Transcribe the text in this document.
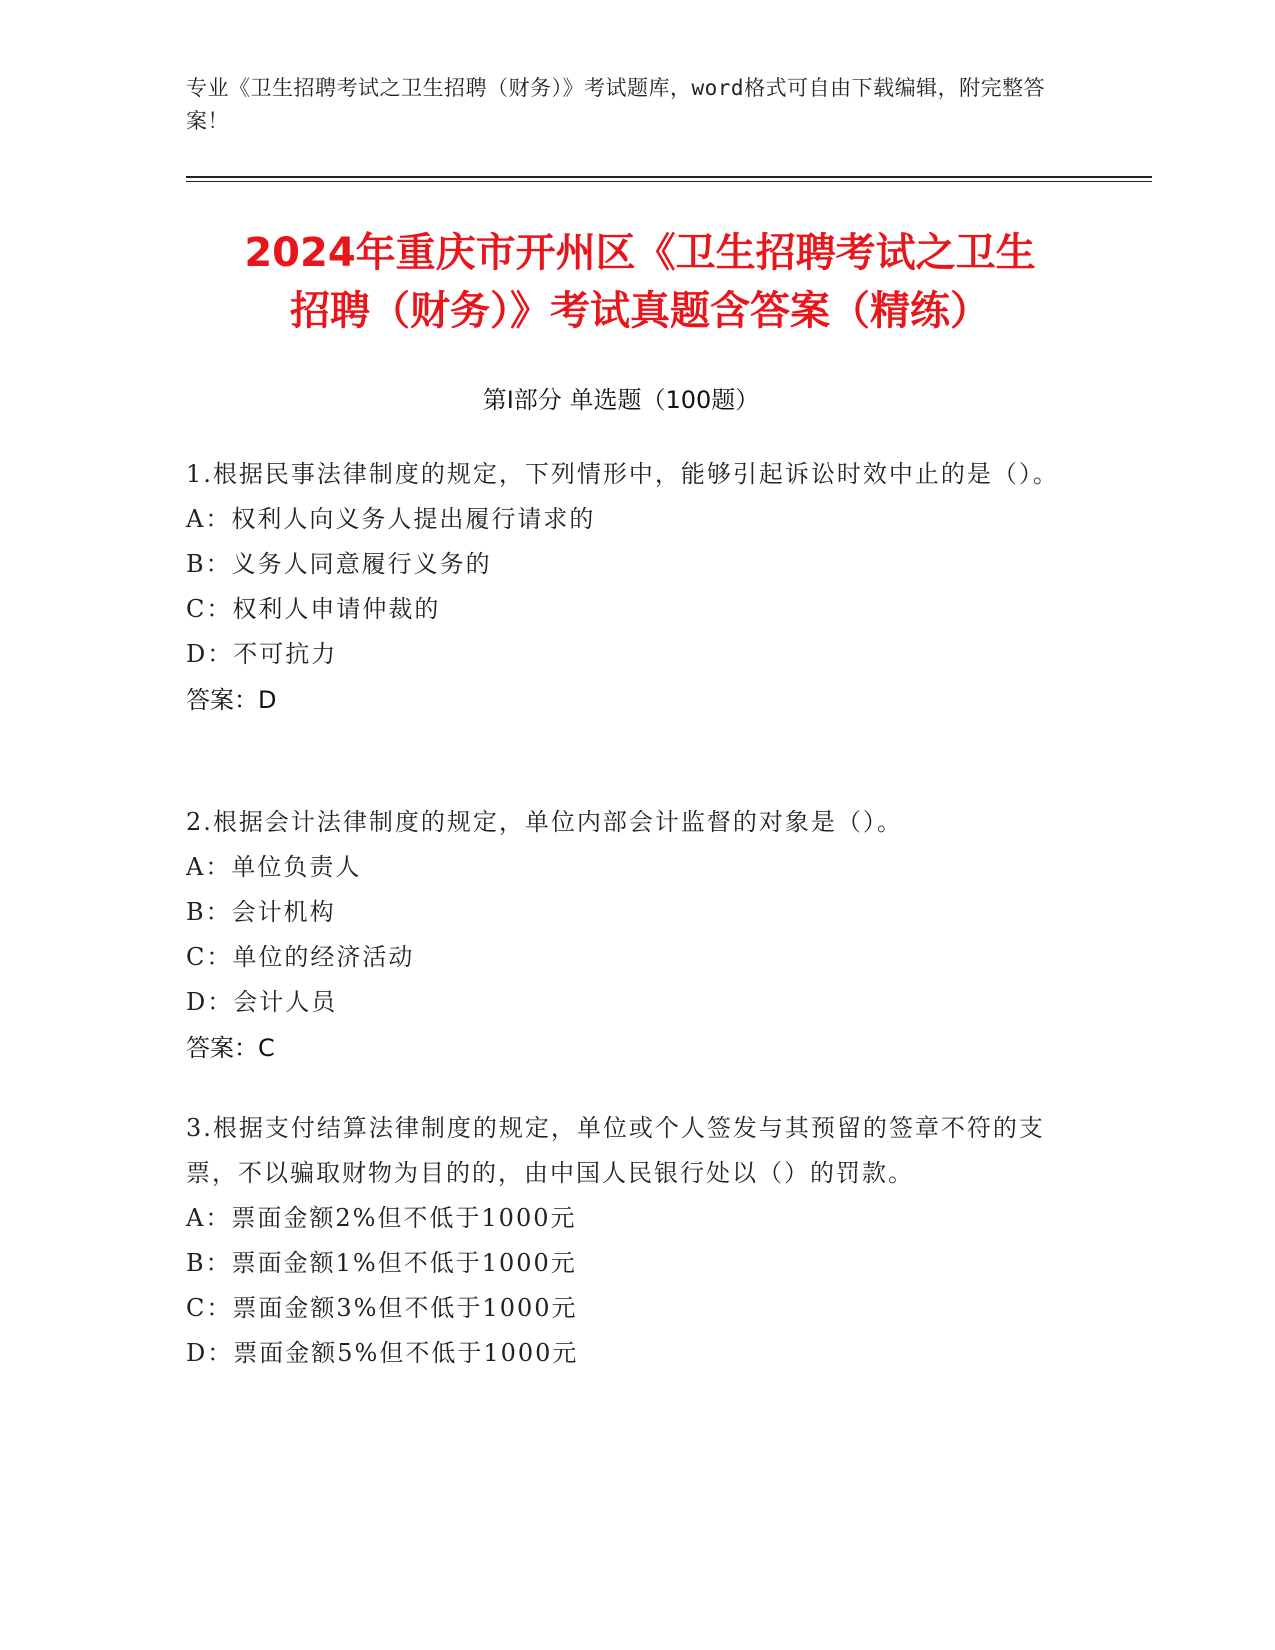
专业《卫生招聘考试之卫生招聘（财务）》考试题库，word格式可自由下载编辑，附完整答案！
2024年重庆市开州区《卫生招聘考试之卫生
招聘（财务）》考试真题含答案（精练）
第Ⅰ部分 单选题（100题）
1.根据民事法律制度的规定，下列情形中，能够引起诉讼时效中止的是（）。
A：权利人向义务人提出履行请求的
B：义务人同意履行义务的
C：权利人申请仲裁的
D：不可抗力
答案：D
2.根据会计法律制度的规定，单位内部会计监督的对象是（）。
A：单位负责人
B：会计机构
C：单位的经济活动
D：会计人员
答案：C
3.根据支付结算法律制度的规定，单位或个人签发与其预留的签章不符的支票，不以骗取财物为目的的，由中国人民银行处以（）的罚款。
A：票面金额2%但不低于1000元
B：票面金额1%但不低于1000元
C：票面金额3%但不低于1000元
D：票面金额5%但不低于1000元
